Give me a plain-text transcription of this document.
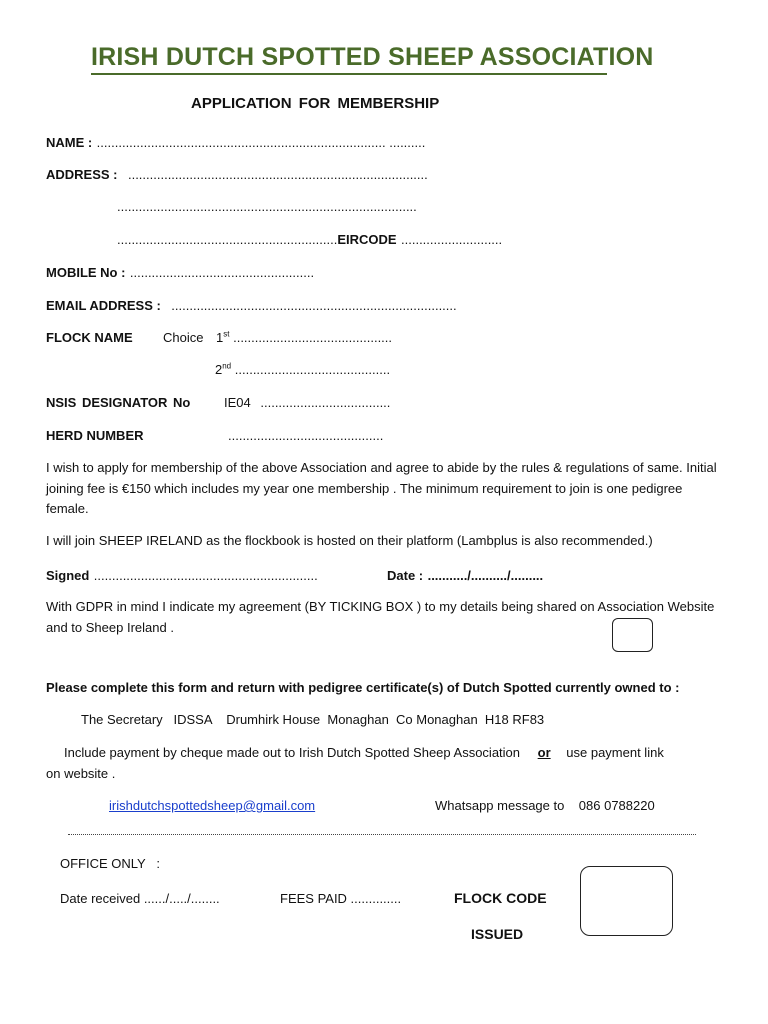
IRISH DUTCH SPOTTED SHEEP ASSOCIATION
APPLICATION FOR MEMBERSHIP
NAME : ................................................................................ ..........
ADDRESS : ...................................................................................
...................................................................................
.............................................................EIRCODE ............................
MOBILE No : ...................................................
EMAIL ADDRESS : ...............................................................................
FLOCK NAME Choice 1st ............................................
2nd ...........................................
NSIS DESIGNATOR No	IE04 ....................................
HERD NUMBER	...........................................
I wish to apply for membership of the above Association and agree to abide by the rules & regulations of same. Initial joining fee is €150 which includes my year one membership . The minimum requirement to join is one pedigree female.
I will join SHEEP IRELAND as the flockbook is hosted on their platform (Lambplus is also recommended.)
Signed ..............................................................	Date : .........../........../.........
With GDPR in mind I indicate my agreement (BY TICKING BOX ) to my details being shared on Association Website and to Sheep Ireland .
Please complete this form and return with pedigree certificate(s) of Dutch Spotted currently owned to :
The Secretary   IDSSA    Drumhirk House  Monaghan  Co Monaghan  H18 RF83
Include payment by cheque made out to Irish Dutch Spotted Sheep Association or use payment link
on website .
irishdutchspottedsheep@gmail.com	Whatsapp message to    086 0788220
OFFICE ONLY   :
Date received ....../...../........	FEES PAID ..............	FLOCK CODE
ISSUED
